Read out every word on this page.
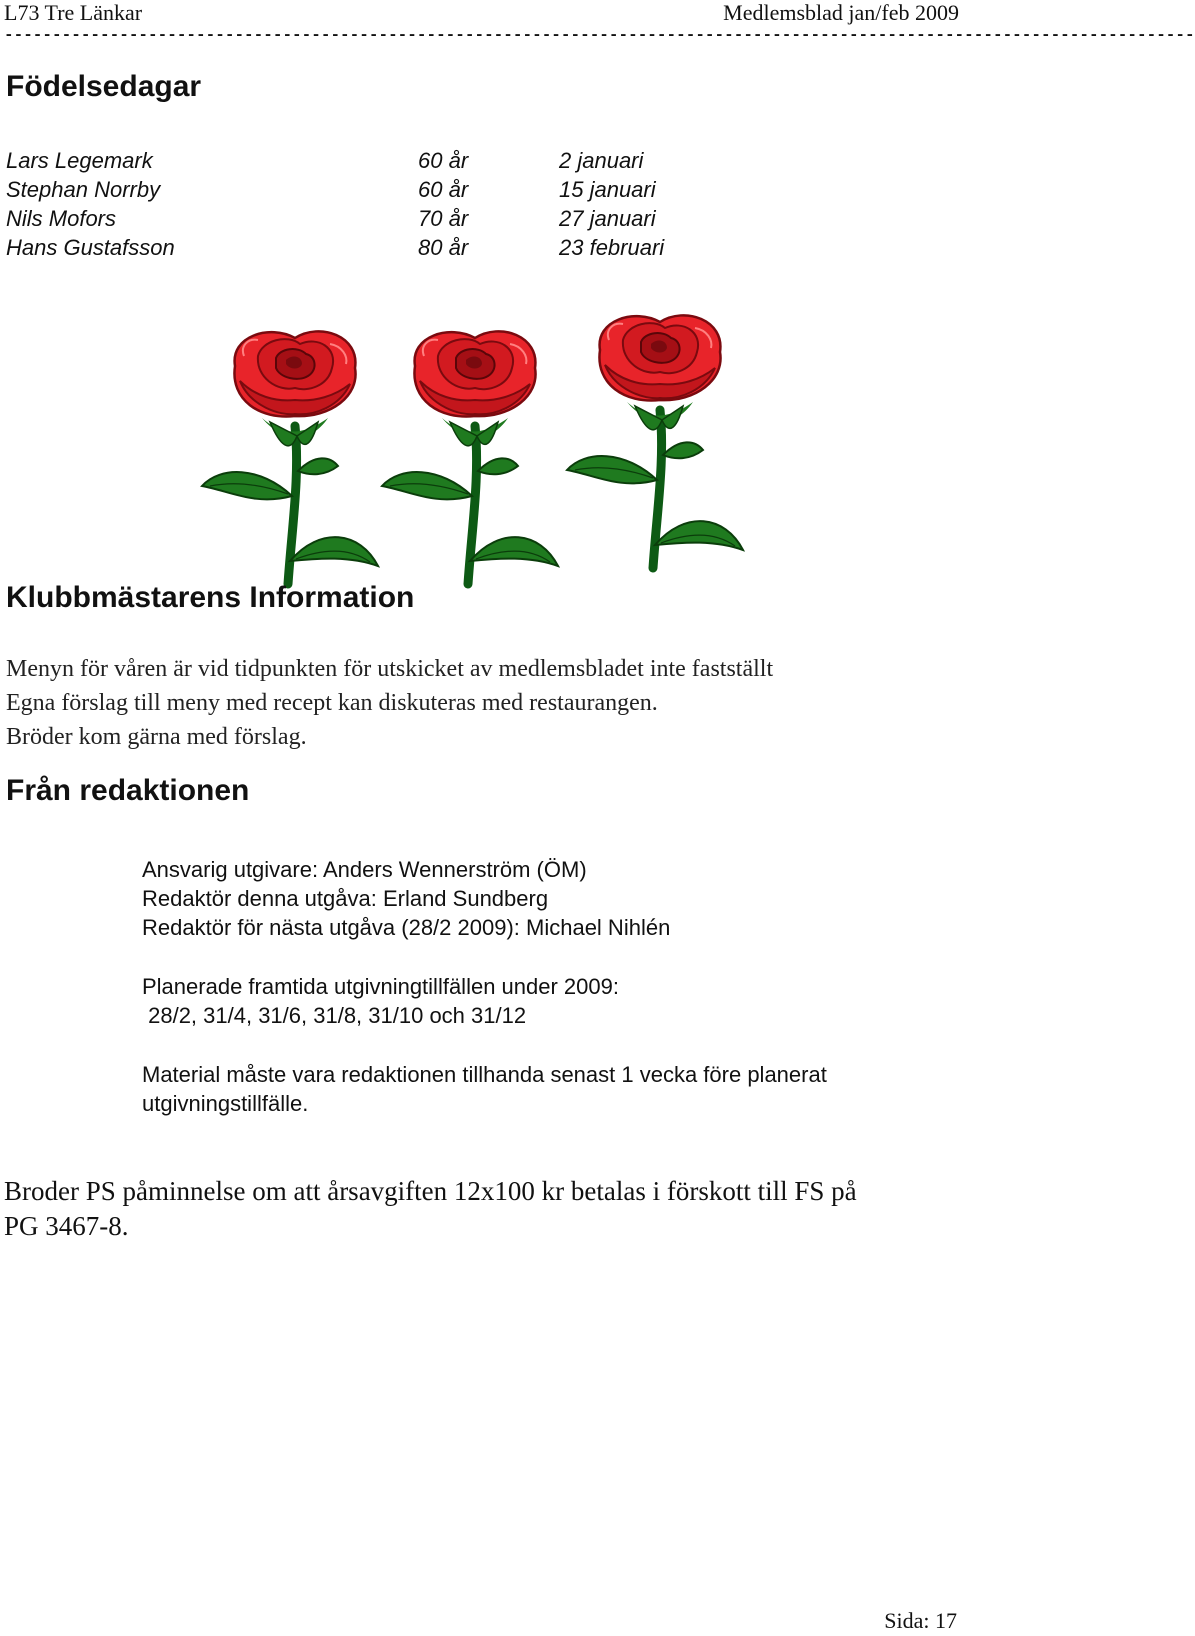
L73 Tre Länkar	Medlemsblad jan/feb 2009
----------------------------------------------------------------------------------------------------------------------------
Födelsedagar
Lars Legemark	60 år	2 januari
Stephan Norrby	60 år	15 januari
Nils Mofors	70 år	27 januari
Hans Gustafsson	80 år	23 februari
Klubbmästarens Information
Menyn för våren är vid tidpunkten för utskicket av medlemsbladet inte fastställt
Egna förslag till meny med recept kan diskuteras med restaurangen.
Bröder kom gärna med förslag.
Från redaktionen
Ansvarig utgivare: Anders Wennerström (ÖM)
Redaktör denna utgåva: Erland Sundberg
Redaktör för nästa utgåva (28/2 2009): Michael Nihlén
Planerade framtida utgivningtillfällen under 2009:
28/2, 31/4, 31/6, 31/8, 31/10 och 31/12
Material måste vara redaktionen tillhanda senast 1 vecka före planerat
utgivningstillfälle.
Broder PS påminnelse om att årsavgiften 12x100 kr betalas i förskott till FS på
PG 3467-8.
Sida: 17
